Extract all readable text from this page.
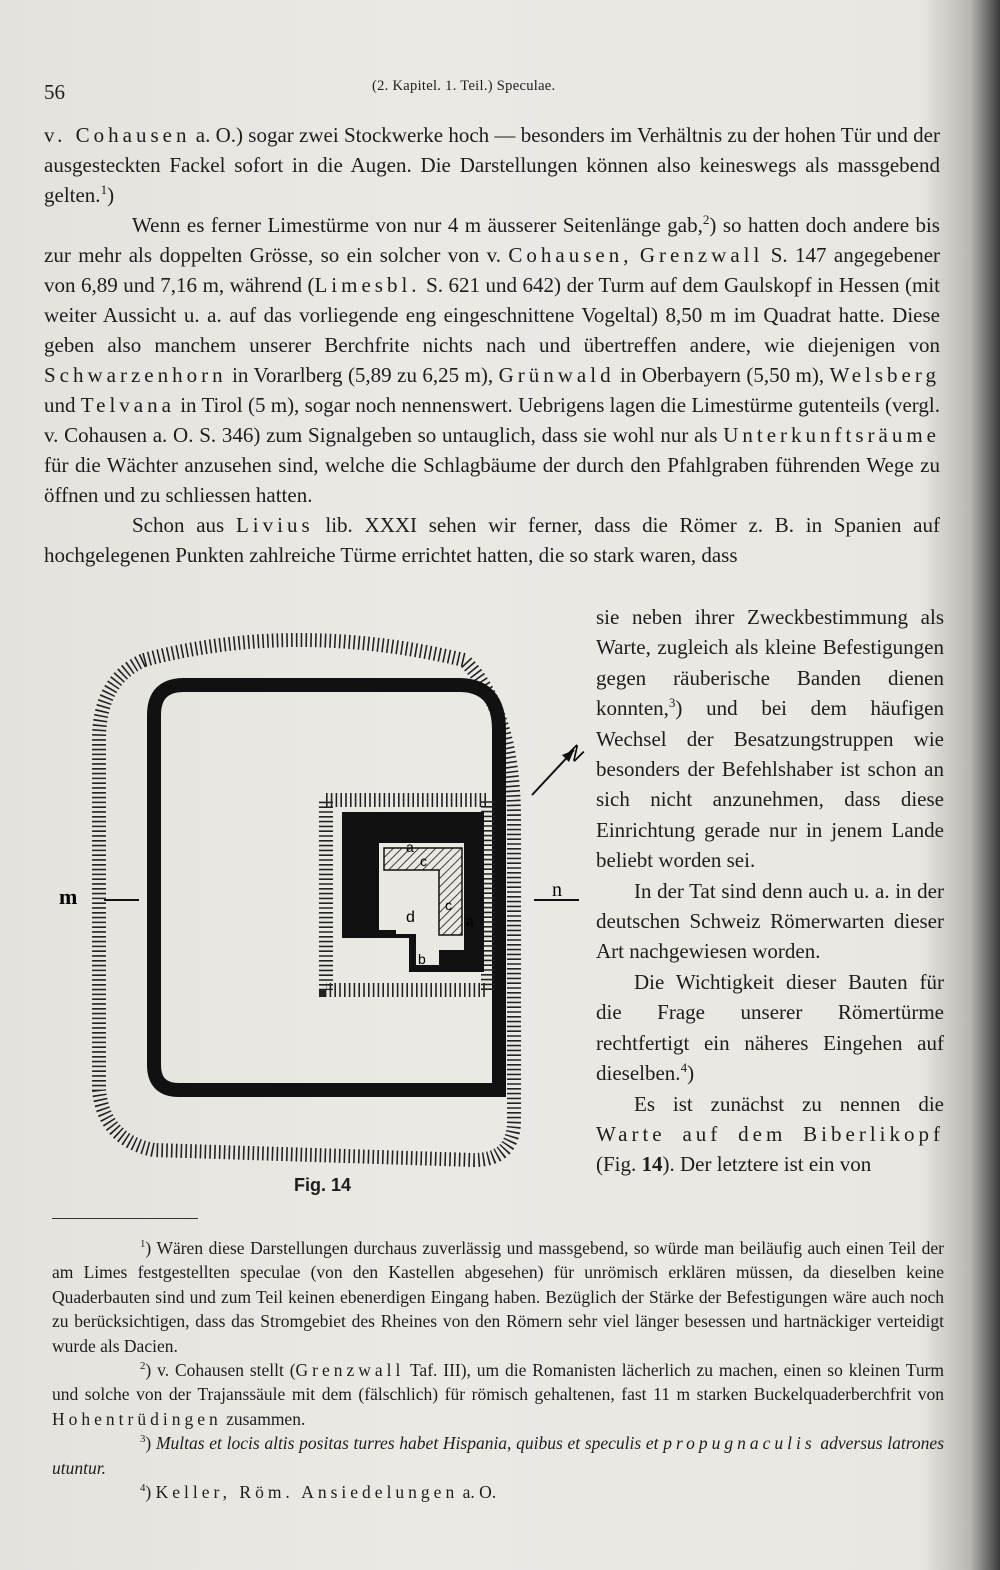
56	(2. Kapitel. 1. Teil.) Speculae.

v. Cohausen a. O.) sogar zwei Stockwerke hoch — besonders im Verhältnis zu der hohen Tür und der ausgesteckten Fackel sofort in die Augen. Die Darstellungen können also keineswegs als massgebend gelten.$^1$)

Wenn es ferner Limestürme von nur 4 m äusserer Seitenlänge gab,$^2$) so hatten doch andere bis zur mehr als doppelten Grösse, so ein solcher von v. Cohausen, Grenzwall S. 147 angegebener von 6,89 und 7,16 m, während (Limesbl. S. 621 und 642) der Turm auf dem Gaulskopf in Hessen (mit weiter Aussicht u. a. auf das vorliegende eng eingeschnittene Vogeltal) 8,50 m im Quadrat hatte. Diese geben also manchem unserer Berchfrite nichts nach und übertreffen andere, wie diejenigen von Schwarzenhorn in Vorarlberg (5,89 zu 6,25 m), Grünwald in Oberbayern (5,50 m), Welsberg und Telvana in Tirol (5 m), sogar noch nennenswert. Uebrigens lagen die Limestürme gutenteils (vergl. v. Cohausen a. O. S. 346) zum Signalgeben so untauglich, dass sie wohl nur als Unterkunftsräume für die Wächter anzusehen sind, welche die Schlagbäume der durch den Pfahlgraben führenden Wege zu öffnen und zu schliessen hatten.

Schon aus Livius lib. XXXI sehen wir ferner, dass die Römer z. B. in Spanien auf hochgelegenen Punkten zahlreiche Türme errichtet hatten, die so stark waren, dass

m	n
N
a
c
c
a
d
b
Fig. 14

sie neben ihrer Zweckbestimmung als Warte, zugleich als kleine Befestigungen gegen räuberische Banden dienen konnten,$^3$) und bei dem häufigen Wechsel der Besatzungstruppen wie besonders der Befehlshaber ist schon an sich nicht anzunehmen, dass diese Einrichtung gerade nur in jenem Lande beliebt worden sei.

In der Tat sind denn auch u. a. in der deutschen Schweiz Römerwarten dieser Art nachgewiesen worden.

Die Wichtigkeit dieser Bauten für die Frage unserer Römertürme rechtfertigt ein näheres Eingehen auf dieselben.$^4$)

Es ist zunächst zu nennen die Warte auf dem Biberlikopf (Fig. 14). Der letztere ist ein von

$^1$) Wären diese Darstellungen durchaus zuverlässig und massgebend, so würde man beiläufig auch einen Teil der am Limes festgestellten speculae (von den Kastellen abgesehen) für unrömisch erklären müssen, da dieselben keine Quaderbauten sind und zum Teil keinen ebenerdigen Eingang haben. Bezüglich der Stärke der Befestigungen wäre auch noch zu berücksichtigen, dass das Stromgebiet des Rheines von den Römern sehr viel länger besessen und hartnäckiger verteidigt wurde als Dacien.

$^2$) v. Cohausen stellt (Grenzwall Taf. III), um die Romanisten lächerlich zu machen, einen so kleinen Turm und solche von der Trajanssäule mit dem (fälschlich) für römisch gehaltenen, fast 11 m starken Buckelquaderberchfrit von Hohentrüdingen zusammen.

$^3$) Multas et locis altis positas turres habet Hispania, quibus et speculis et propugnaculis adversus latrones utuntur.

$^4$) Keller, Röm. Ansiedelungen a. O.
